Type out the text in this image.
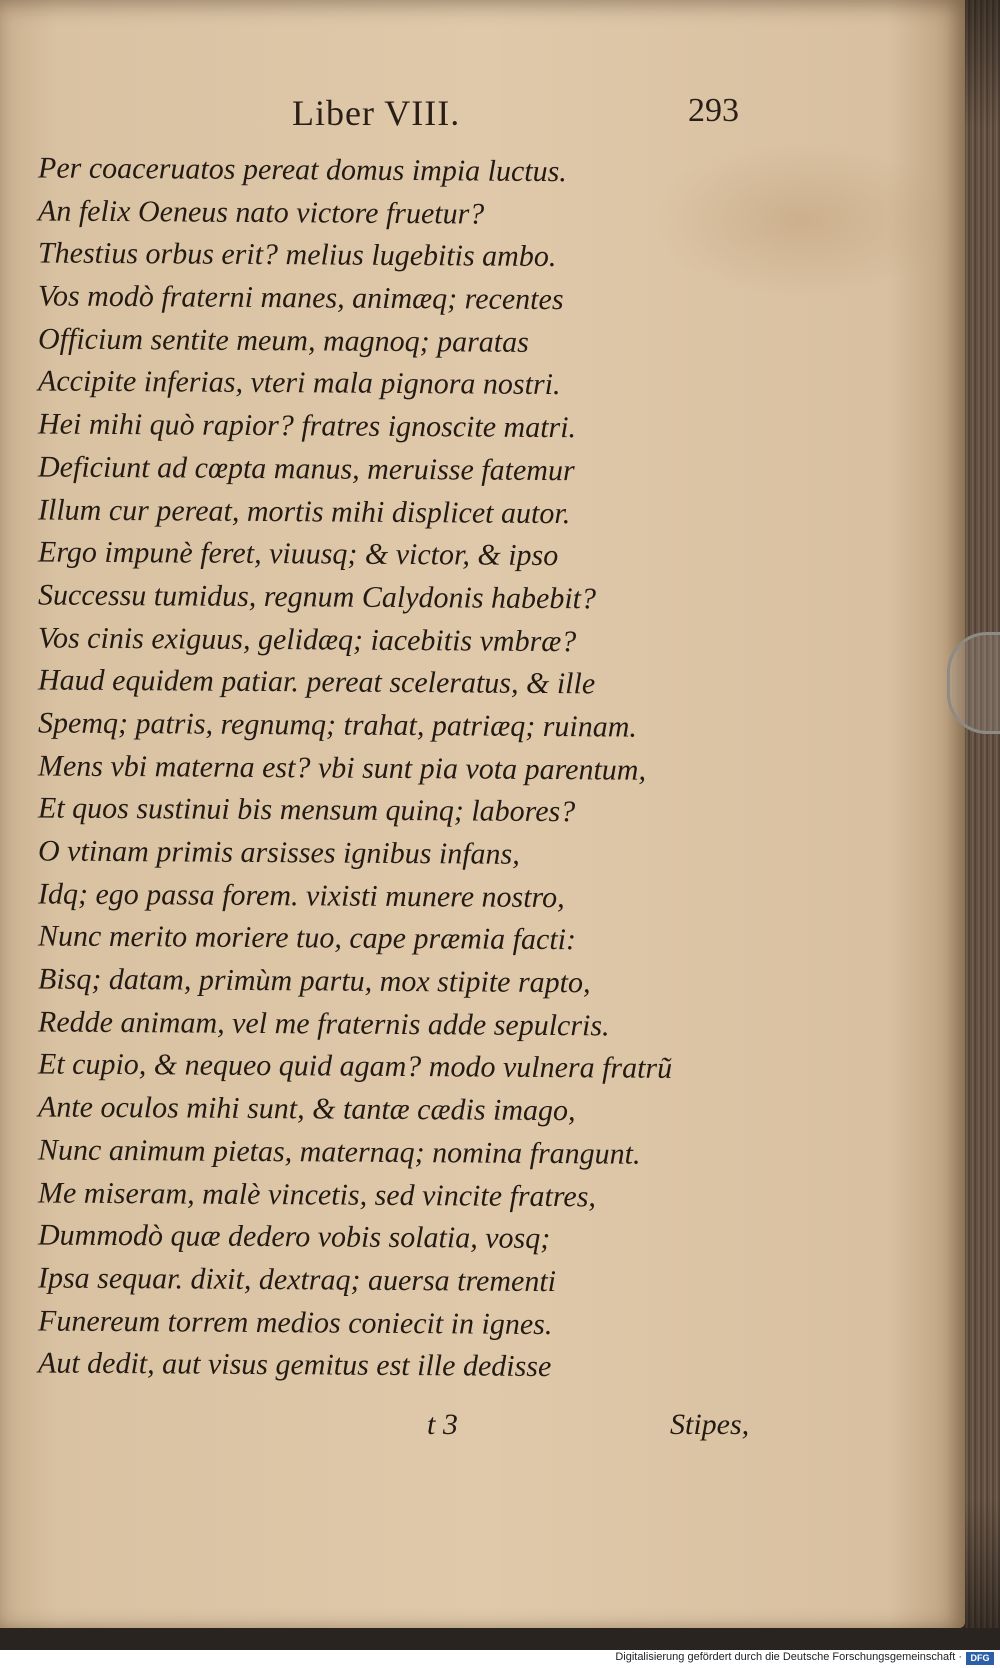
Liber VIII.	293
Per coaceruatos pereat domus impia luctus.
An felix Oeneus nato victore fruetur?
Thestius orbus erit? melius lugebitis ambo.
Vos modò fraterni manes, animæq; recentes
Officium sentite meum, magnoq; paratas
Accipite inferias, vteri mala pignora nostri.
Hei mihi quò rapior? fratres ignoscite matri.
Deficiunt ad cœpta manus, meruisse fatemur
Illum cur pereat, mortis mihi displicet autor.
Ergo impunè feret, viuusq; & victor, & ipso
Successu tumidus, regnum Calydonis habebit?
Vos cinis exiguus, gelidæq; iacebitis vmbræ?
Haud equidem patiar. pereat sceleratus, & ille
Spemq; patris, regnumq; trahat, patriæq; ruinam.
Mens vbi materna est? vbi sunt pia vota parentum,
Et quos sustinui bis mensum quinq; labores?
O vtinam primis arsisses ignibus infans,
Idq; ego passa forem. vixisti munere nostro,
Nunc merito moriere tuo, cape præmia facti:
Bisq; datam, primùm partu, mox stipite rapto,
Redde animam, vel me fraternis adde sepulcris.
Et cupio, & nequeo quid agam? modo vulnera fratrũ
Ante oculos mihi sunt, & tantæ cædis imago,
Nunc animum pietas, maternaq; nomina frangunt.
Me miseram, malè vincetis, sed vincite fratres,
Dummodò quæ dedero vobis solatia, vosq;
Ipsa sequar. dixit, dextraq; auersa trementi
Funereum torrem medios coniecit in ignes.
Aut dedit, aut visus gemitus est ille dedisse
t 3	Stipes,
Digitalisierung gefördert durch die Deutsche Forschungsgemeinschaft · DFG
